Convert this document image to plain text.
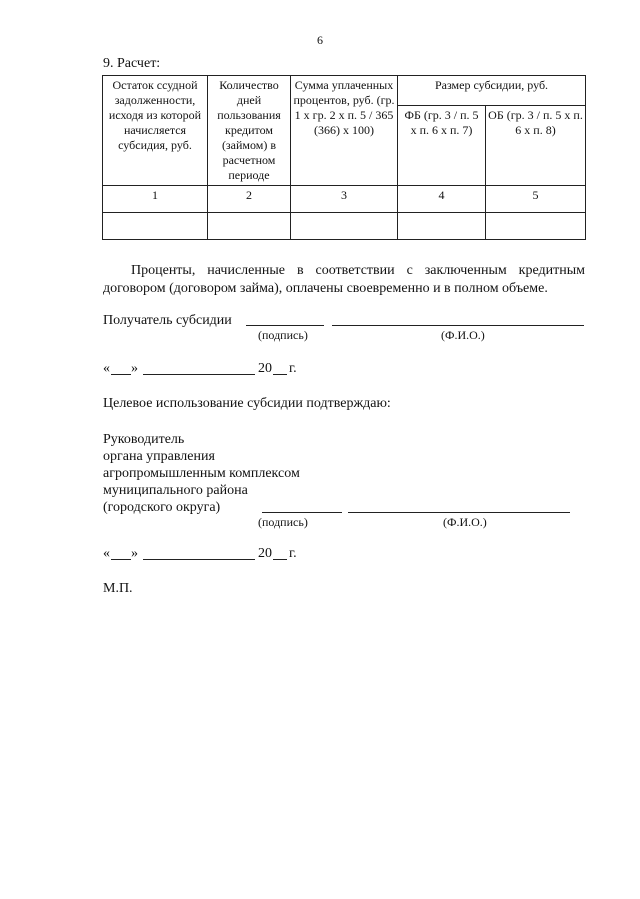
6
9. Расчет:
Остаток ссудной задолженности, исходя из которой начисляется субсидия, руб.	Количество дней пользования кредитом (займом) в расчетном периоде	Сумма уплаченных процентов, руб. (гр. 1 х гр. 2 х п. 5 / 365 (366) х 100)	Размер субсидии, руб.	
			ФБ (гр. 3 / п. 5 х п. 6 х п. 7)	ОБ (гр. 3 / п. 5 х п. 6 х п. 8)
1	2	3	4	5

Проценты, начисленные в соответствии с заключенным кредитным

договором (договором займа), оплачены своевременно и в полном объеме.

Получатель субсидии
(подпись)	(Ф.И.О.)
« »	20 г.
Целевое использование субсидии подтверждаю:
Руководитель
органа управления
агропромышленным комплексом
муниципального района
(городского округа)
(подпись)	(Ф.И.О.)
« »	20 г.
М.П.
